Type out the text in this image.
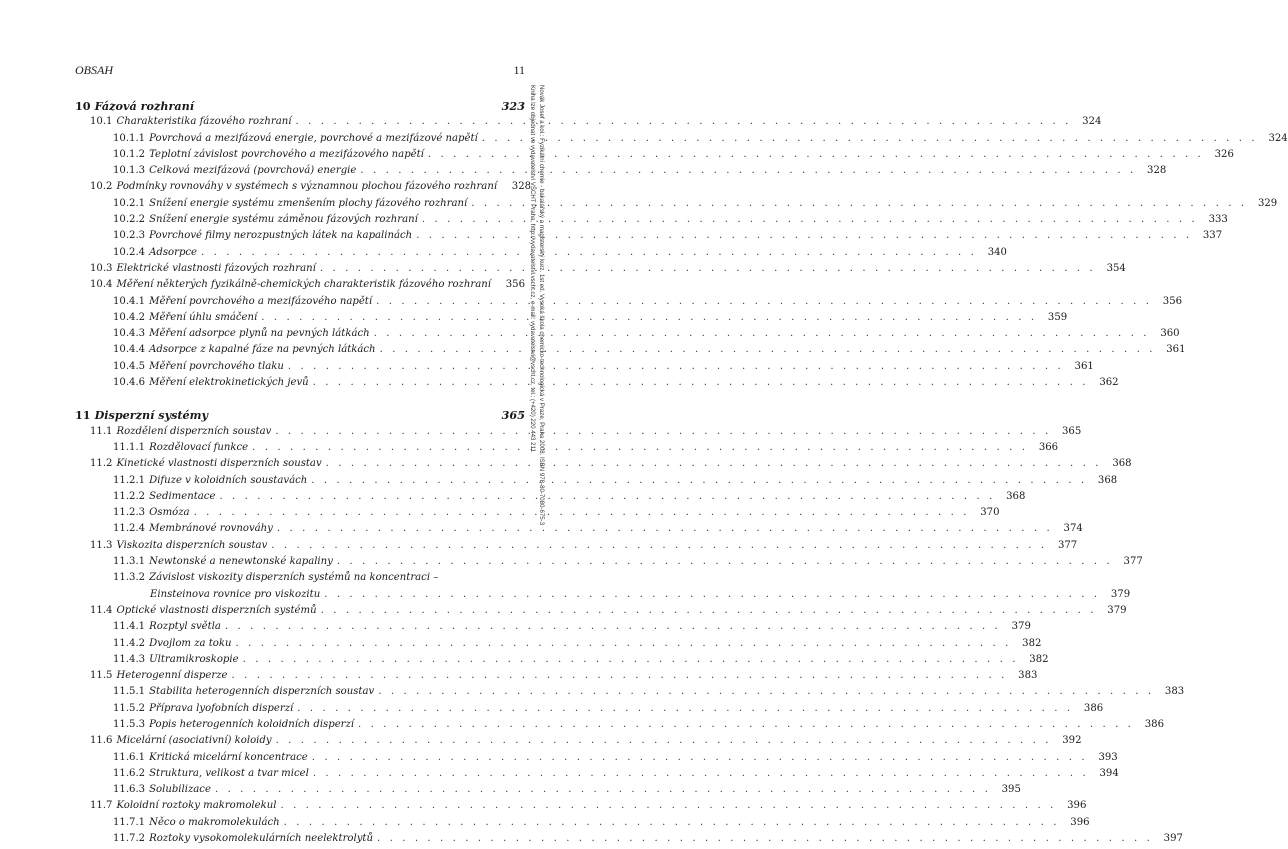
OBSAH	11
10 Fázová rozhraní	323
10.1 Charakteristika fázového rozhraní . . . . . . . . . . . . . . . . . . . . . . . . . . . . . . . . . . . . . . . . . . . . . . . . . . . . . . . . . . . . . .	324
10.1.1 Povrchová a mezifázová energie, povrchové a mezifázové napětí . . . . . . . . . . . . . . . . . . . . . . . . . . . . . . . . . . . . . . . . . . . . . . . . . . . . . . . . . . . . . .	324
10.1.2 Teplotní závislost povrchového a mezifázového napětí . . . . . . . . . . . . . . . . . . . . . . . . . . . . . . . . . . . . . . . . . . . . . . . . . . . . . . . . . . . . . .	326
10.1.3 Celková mezifázová (povrchová) energie . . . . . . . . . . . . . . . . . . . . . . . . . . . . . . . . . . . . . . . . . . . . . . . . . . . . . . . . . . . . . .	328
10.2 Podmínky rovnováhy v systémech s významnou plochou fázového rozhraní	328
10.2.1 Snížení energie systému zmenšením plochy fázového rozhraní . . . . . . . . . . . . . . . . . . . . . . . . . . . . . . . . . . . . . . . . . . . . . . . . . . . . . . . . . . . . . .	329
10.2.2 Snížení energie systému záměnou fázových rozhraní . . . . . . . . . . . . . . . . . . . . . . . . . . . . . . . . . . . . . . . . . . . . . . . . . . . . . . . . . . . . . .	333
10.2.3 Povrchové filmy nerozpustných látek na kapalinách . . . . . . . . . . . . . . . . . . . . . . . . . . . . . . . . . . . . . . . . . . . . . . . . . . . . . . . . . . . . . .	337
10.2.4 Adsorpce . . . . . . . . . . . . . . . . . . . . . . . . . . . . . . . . . . . . . . . . . . . . . . . . . . . . . . . . . . . . . .	340
10.3 Elektrické vlastnosti fázových rozhraní . . . . . . . . . . . . . . . . . . . . . . . . . . . . . . . . . . . . . . . . . . . . . . . . . . . . . . . . . . . . . .	354
10.4 Měření některých fyzikálně-chemických charakteristik fázového rozhraní	356
10.4.1 Měření povrchového a mezifázového napětí . . . . . . . . . . . . . . . . . . . . . . . . . . . . . . . . . . . . . . . . . . . . . . . . . . . . . . . . . . . . . .	356
10.4.2 Měření úhlu smáčení . . . . . . . . . . . . . . . . . . . . . . . . . . . . . . . . . . . . . . . . . . . . . . . . . . . . . . . . . . . . . .	359
10.4.3 Měření adsorpce plynů na pevných látkách . . . . . . . . . . . . . . . . . . . . . . . . . . . . . . . . . . . . . . . . . . . . . . . . . . . . . . . . . . . . . .	360
10.4.4 Adsorpce z kapalné fáze na pevných látkách . . . . . . . . . . . . . . . . . . . . . . . . . . . . . . . . . . . . . . . . . . . . . . . . . . . . . . . . . . . . . .	361
10.4.5 Měření povrchového tlaku . . . . . . . . . . . . . . . . . . . . . . . . . . . . . . . . . . . . . . . . . . . . . . . . . . . . . . . . . . . . . .	361
10.4.6 Měření elektrokinetických jevů . . . . . . . . . . . . . . . . . . . . . . . . . . . . . . . . . . . . . . . . . . . . . . . . . . . . . . . . . . . . . .	362
11 Disperzní systémy	365
11.1 Rozdělení disperzních soustav . . . . . . . . . . . . . . . . . . . . . . . . . . . . . . . . . . . . . . . . . . . . . . . . . . . . . . . . . . . . . .	365
11.1.1 Rozdělovací funkce . . . . . . . . . . . . . . . . . . . . . . . . . . . . . . . . . . . . . . . . . . . . . . . . . . . . . . . . . . . . . .	366
11.2 Kinetické vlastnosti disperzních soustav . . . . . . . . . . . . . . . . . . . . . . . . . . . . . . . . . . . . . . . . . . . . . . . . . . . . . . . . . . . . . .	368
11.2.1 Difuze v koloidních soustavách . . . . . . . . . . . . . . . . . . . . . . . . . . . . . . . . . . . . . . . . . . . . . . . . . . . . . . . . . . . . . .	368
11.2.2 Sedimentace . . . . . . . . . . . . . . . . . . . . . . . . . . . . . . . . . . . . . . . . . . . . . . . . . . . . . . . . . . . . . .	368
11.2.3 Osmóza . . . . . . . . . . . . . . . . . . . . . . . . . . . . . . . . . . . . . . . . . . . . . . . . . . . . . . . . . . . . . .	370
11.2.4 Membránové rovnováhy . . . . . . . . . . . . . . . . . . . . . . . . . . . . . . . . . . . . . . . . . . . . . . . . . . . . . . . . . . . . . .	374
11.3 Viskozita disperzních soustav . . . . . . . . . . . . . . . . . . . . . . . . . . . . . . . . . . . . . . . . . . . . . . . . . . . . . . . . . . . . . .	377
11.3.1 Newtonské a nenewtonské kapaliny . . . . . . . . . . . . . . . . . . . . . . . . . . . . . . . . . . . . . . . . . . . . . . . . . . . . . . . . . . . . . .	377
11.3.2 Závislost viskozity disperzních systémů na koncentraci –
Einsteinova rovnice pro viskozitu . . . . . . . . . . . . . . . . . . . . . . . . . . . . . . . . . . . . . . . . . . . . . . . . . . . . . . . . . . . . . .	379
11.4 Optické vlastnosti disperzních systémů . . . . . . . . . . . . . . . . . . . . . . . . . . . . . . . . . . . . . . . . . . . . . . . . . . . . . . . . . . . . . .	379
11.4.1 Rozptyl světla . . . . . . . . . . . . . . . . . . . . . . . . . . . . . . . . . . . . . . . . . . . . . . . . . . . . . . . . . . . . . .	379
11.4.2 Dvojlom za toku . . . . . . . . . . . . . . . . . . . . . . . . . . . . . . . . . . . . . . . . . . . . . . . . . . . . . . . . . . . . . .	382
11.4.3 Ultramikroskopie . . . . . . . . . . . . . . . . . . . . . . . . . . . . . . . . . . . . . . . . . . . . . . . . . . . . . . . . . . . . . .	382
11.5 Heterogenní disperze . . . . . . . . . . . . . . . . . . . . . . . . . . . . . . . . . . . . . . . . . . . . . . . . . . . . . . . . . . . . . .	383
11.5.1 Stabilita heterogenních disperzních soustav . . . . . . . . . . . . . . . . . . . . . . . . . . . . . . . . . . . . . . . . . . . . . . . . . . . . . . . . . . . . . .	383
11.5.2 Příprava lyofobních disperzí . . . . . . . . . . . . . . . . . . . . . . . . . . . . . . . . . . . . . . . . . . . . . . . . . . . . . . . . . . . . . .	386
11.5.3 Popis heterogenních koloidních disperzí . . . . . . . . . . . . . . . . . . . . . . . . . . . . . . . . . . . . . . . . . . . . . . . . . . . . . . . . . . . . . .	386
11.6 Micelární (asociativní) koloidy . . . . . . . . . . . . . . . . . . . . . . . . . . . . . . . . . . . . . . . . . . . . . . . . . . . . . . . . . . . . . .	392
11.6.1 Kritická micelární koncentrace . . . . . . . . . . . . . . . . . . . . . . . . . . . . . . . . . . . . . . . . . . . . . . . . . . . . . . . . . . . . . .	393
11.6.2 Struktura, velikost a tvar micel . . . . . . . . . . . . . . . . . . . . . . . . . . . . . . . . . . . . . . . . . . . . . . . . . . . . . . . . . . . . . .	394
11.6.3 Solubilizace . . . . . . . . . . . . . . . . . . . . . . . . . . . . . . . . . . . . . . . . . . . . . . . . . . . . . . . . . . . . . .	395
11.7 Koloidní roztoky makromolekul . . . . . . . . . . . . . . . . . . . . . . . . . . . . . . . . . . . . . . . . . . . . . . . . . . . . . . . . . . . . . .	396
11.7.1 Něco o makromolekulách . . . . . . . . . . . . . . . . . . . . . . . . . . . . . . . . . . . . . . . . . . . . . . . . . . . . . . . . . . . . . .	396
11.7.2 Roztoky vysokomolekulárních neelektrolytů . . . . . . . . . . . . . . . . . . . . . . . . . . . . . . . . . . . . . . . . . . . . . . . . . . . . . . . . . . . . . .	397
Novák Josef a kol.: Fyzikální chemie - bakalářský a magisterský kurz. 1st ed. Vysoká škola chemicko-technologická v Praze, Praha 2008. ISBN 978-80-7080-675-3
Kniha lze objednat ve vydavatelství VŠCHT Praha, http://vydavatelstvi.vscht.cz, e-mail: vydavatelstvi@vscht.cz, tel.: (+420) 220 443 211
